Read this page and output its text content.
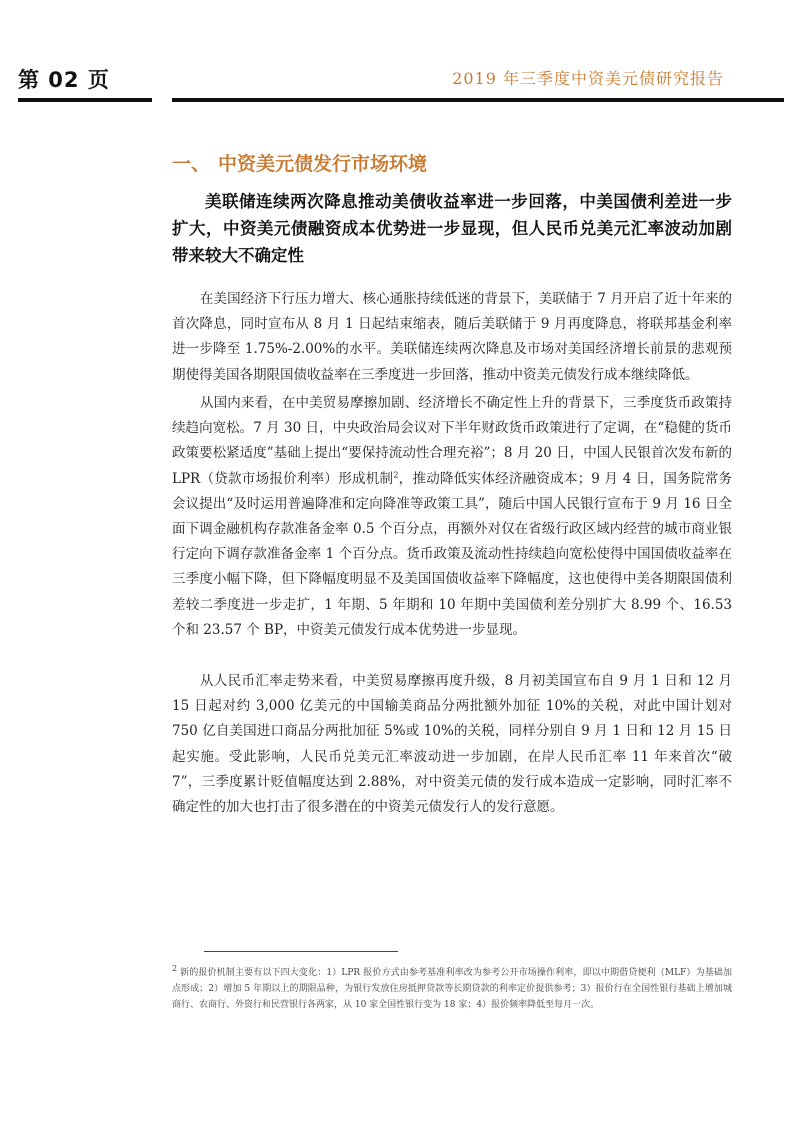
第 02 页	2019 年三季度中资美元债研究报告
一、 中资美元债发行市场环境

美联储连续两次降息推动美债收益率进一步回落，中美国债利差进一步扩大，中资美元债融资成本优势进一步显现，但人民币兑美元汇率波动加剧带来较大不确定性

在美国经济下行压力增大、核心通胀持续低迷的背景下，美联储于 7 月开启了近十年来的首次降息，同时宣布从 8 月 1 日起结束缩表，随后美联储于 9 月再度降息，将联邦基金利率进一步降至 1.75%-2.00%的水平。美联储连续两次降息及市场对美国经济增长前景的悲观预期使得美国各期限国债收益率在三季度进一步回落，推动中资美元债发行成本继续降低。

从国内来看，在中美贸易摩擦加剧、经济增长不确定性上升的背景下，三季度货币政策持续趋向宽松。7 月 30 日，中央政治局会议对下半年财政货币政策进行了定调，在“稳健的货币政策要松紧适度”基础上提出“要保持流动性合理充裕”；8 月 20 日，中国人民银首次发布新的 LPR（贷款市场报价利率）形成机制$^2$，推动降低实体经济融资成本；9 月 4 日，国务院常务会议提出“及时运用普遍降准和定向降准等政策工具”，随后中国人民银行宣布于 9 月 16 日全面下调金融机构存款准备金率 0.5 个百分点，再额外对仅在省级行政区域内经营的城市商业银行定向下调存款准备金率 1 个百分点。货币政策及流动性持续趋向宽松使得中国国债收益率在三季度小幅下降，但下降幅度明显不及美国国债收益率下降幅度，这也使得中美各期限国债利差较二季度进一步走扩，1 年期、5 年期和 10 年期中美国债利差分别扩大 8.99 个、16.53 个和 23.57 个 BP，中资美元债发行成本优势进一步显现。

从人民币汇率走势来看，中美贸易摩擦再度升级，8 月初美国宣布自 9 月 1 日和 12 月 15 日起对约 3,000 亿美元的中国输美商品分两批额外加征 10%的关税，对此中国计划对 750 亿自美国进口商品分两批加征 5%或 10%的关税，同样分别自 9 月 1 日和 12 月 15 日起实施。受此影响，人民币兑美元汇率波动进一步加剧，在岸人民币汇率 11 年来首次“破 7”，三季度累计贬值幅度达到 2.88%，对中资美元债的发行成本造成一定影响，同时汇率不确定性的加大也打击了很多潜在的中资美元债发行人的发行意愿。

$^2$ 新的报价机制主要有以下四大变化：1）LPR 报价方式由参考基准利率改为参考公开市场操作利率，即以中期借贷便利（MLF）为基础加点形成；2）增加 5 年期以上的期限品种，为银行发放住房抵押贷款等长期贷款的利率定价提供参考；3）报价行在全国性银行基础上增加城商行、农商行、外资行和民营银行各两家，从 10 家全国性银行变为 18 家；4）报价频率降低至每月一次。
